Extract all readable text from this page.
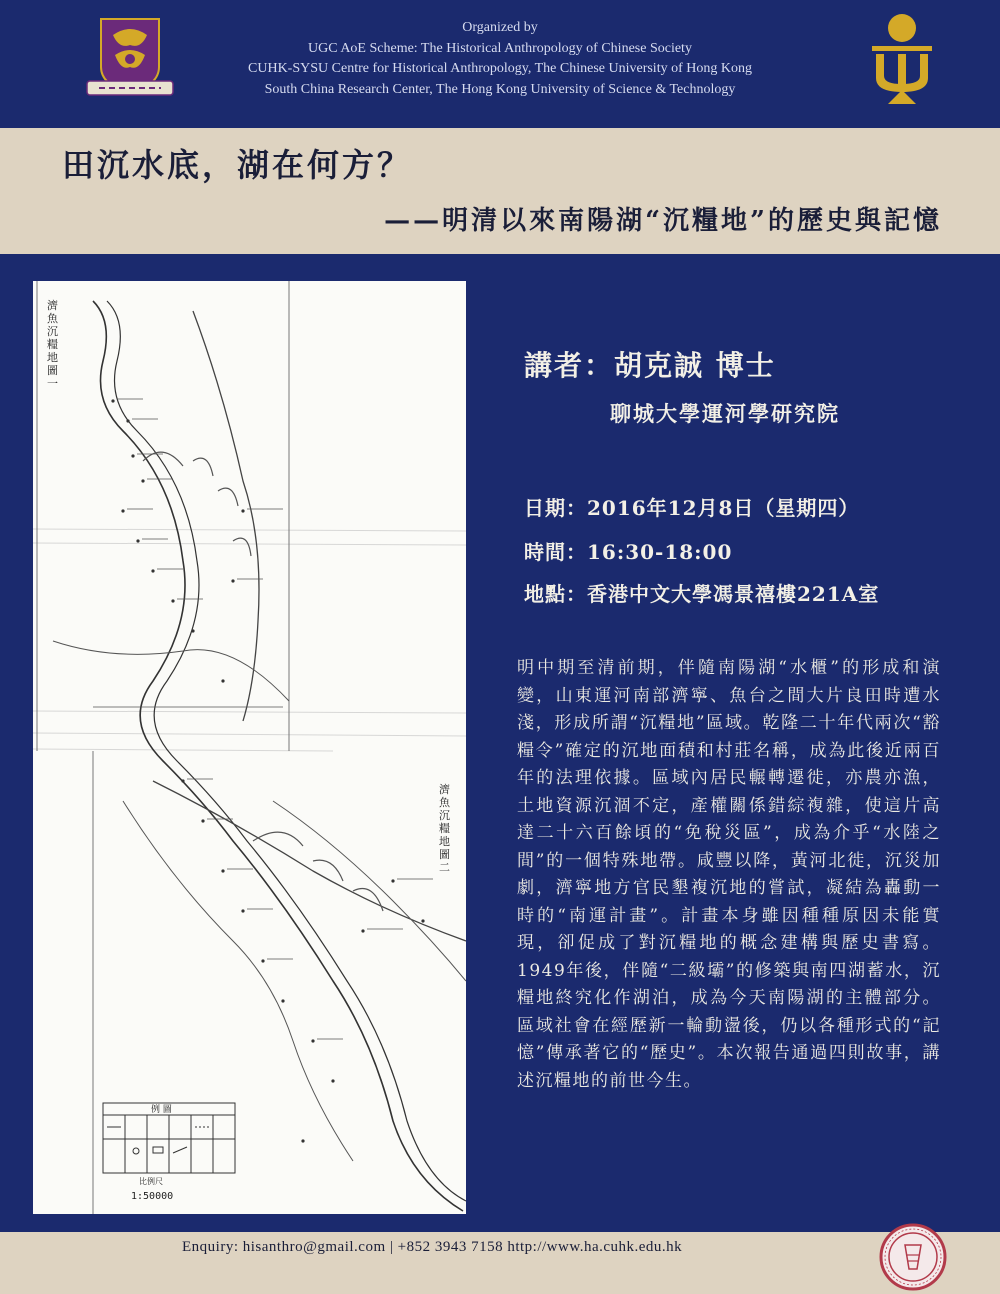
Organized by
UGC AoE Scheme: The Historical Anthropology of Chinese Society
CUHK-SYSU Centre for Historical Anthropology, The Chinese University of Hong Kong
South China Research Center, The Hong Kong University of Science & Technology
田沉水底，湖在何方？
——明清以來南陽湖“沉糧地”的歷史與記憶
濟魚沉糧地圖一
濟魚沉糧地圖二
例 圖
比例尺
1:50000
講者：胡克誠 博士
聊城大學運河學研究院
日期：2016年12月8日（星期四）
時間：16:30-18:00
地點：香港中文大學馮景禧樓221A室
明中期至清前期，伴隨南陽湖“水櫃”的形成和演變，山東運河南部濟寧、魚台之間大片良田時遭水淺，形成所謂“沉糧地”區域。乾隆二十年代兩次“豁糧令”確定的沉地面積和村莊名稱，成為此後近兩百年的法理依據。區域內居民輾轉遷徙，亦農亦漁，土地資源沉涸不定，產權關係錯綜複雜，使這片高達二十六百餘頃的“免稅災區”，成為介乎“水陸之間”的一個特殊地帶。咸豐以降，黃河北徙，沉災加劇，濟寧地方官民墾複沉地的嘗試，凝結為轟動一時的“南運計畫”。計畫本身雖因種種原因未能實現，卻促成了對沉糧地的概念建構與歷史書寫。1949年後，伴隨“二級壩”的修築與南四湖蓄水，沉糧地終究化作湖泊，成為今天南陽湖的主體部分。區域社會在經歷新一輪動盪後，仍以各種形式的“記憶”傳承著它的“歷史”。本次報告通過四則故事，講述沉糧地的前世今生。
Enquiry: hisanthro@gmail.com | +852 3943 7158 http://www.ha.cuhk.edu.hk
